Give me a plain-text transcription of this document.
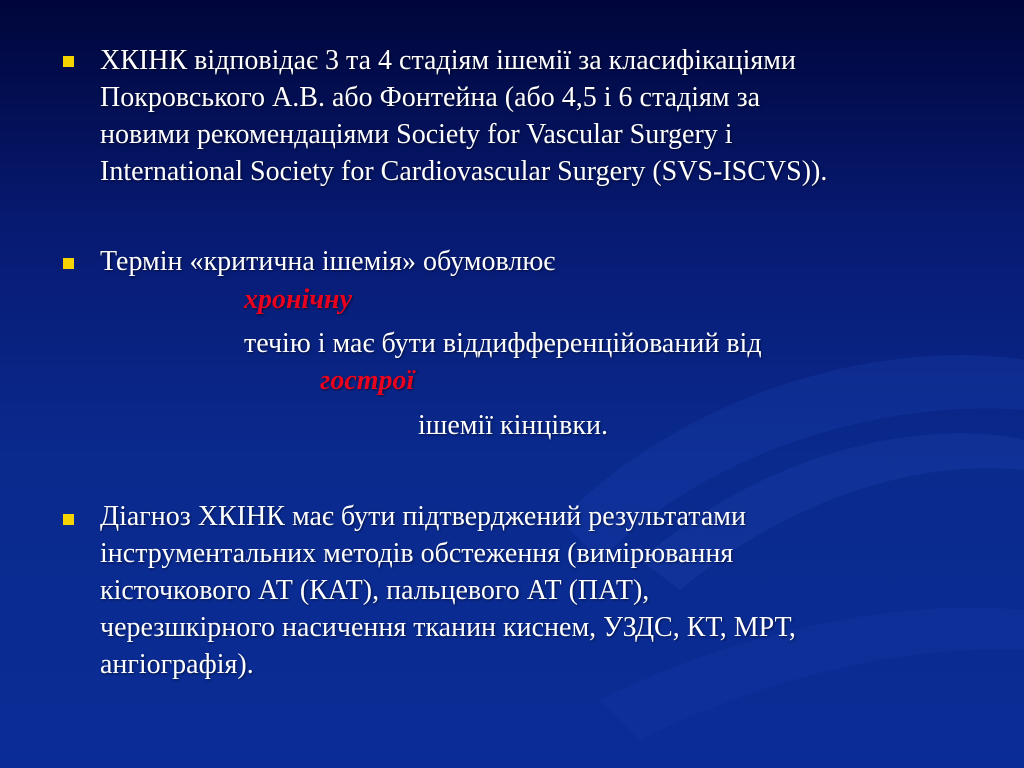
ХКІНК відповідає 3 та 4 стадіям ішемії за класифікаціями
Покровського А.В. або Фонтейна (або 4,5 і 6 стадіям за
новими рекомендаціями Society for Vascular Surgery і
International Society for Cardiovascular Surgery (SVS-ISCVS)).
Термін «критична ішемія» обумовлює
хронічну
течію і має бути віддифференційований від
гострої
ішемії кінцівки.
Діагноз ХКІНК має бути підтверджений результатами
інструментальних методів обстеження (вимірювання
кісточкового АТ (КАТ), пальцевого АТ (ПАТ),
черезшкірного насичення тканин киснем, УЗДС, КТ, МРТ,
ангіографія).
